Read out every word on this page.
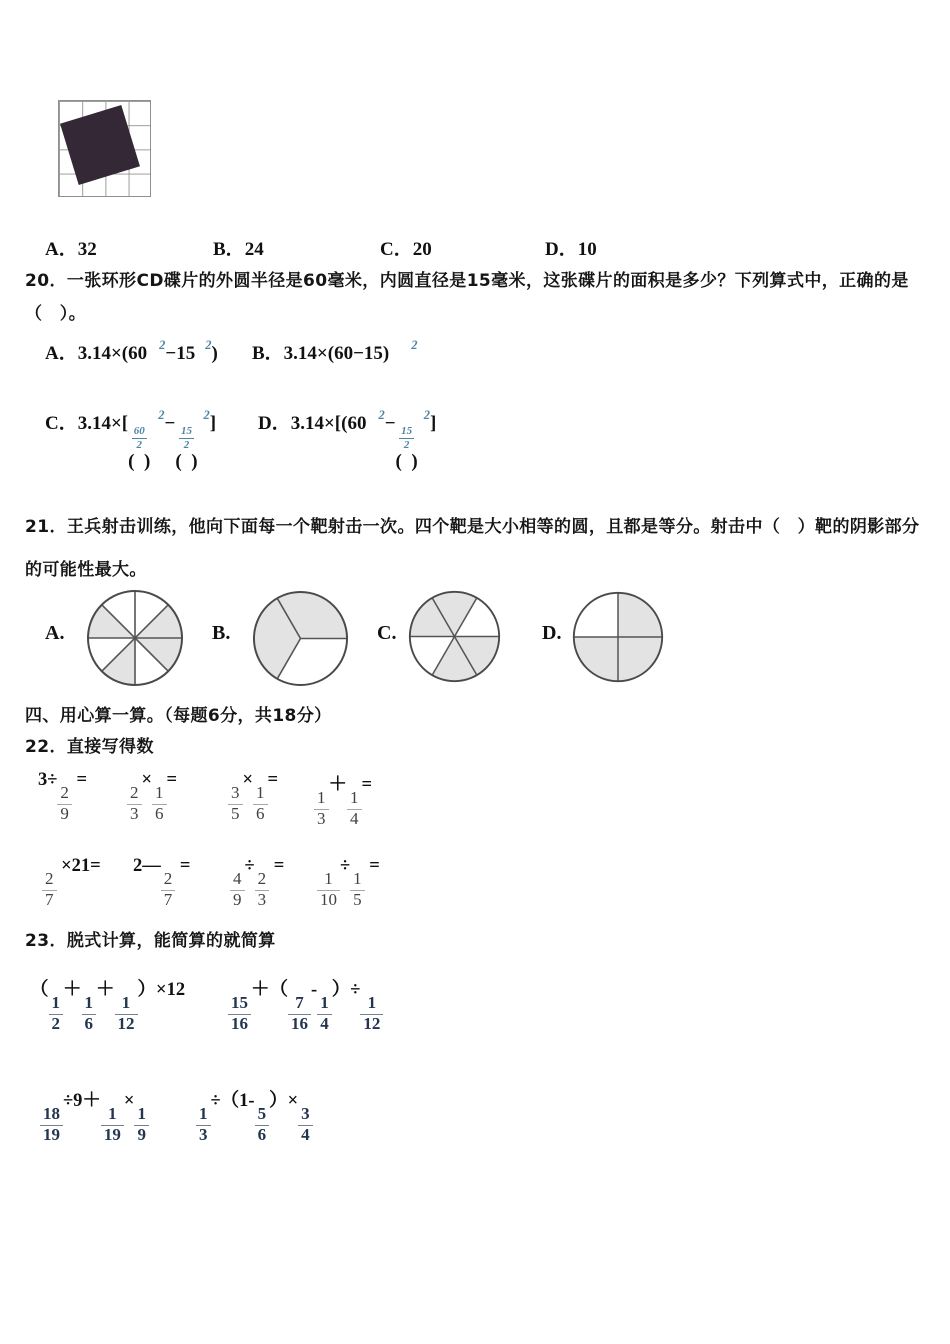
A．32	B．24	C．20	D．10
20．一张环形CD碟片的外圆半径是60毫米，内圆直径是15毫米，这张碟片的面积是多少？下列算式中，正确的是
（　）。
A．3.14×(60 $^2$−15 $^2$) B．3.14×(60−15) $^2$
C．3.14×[
$\frac{60}{2}$
(  )
$^2$−
$\frac{15}{2}$
(  )
$^2$] D．3.14×[(60 $^2$−
$\frac{15}{2}$
(  )
$^2$]
21．王兵射击训练，他向下面每一个靶射击一次。四个靶是大小相等的圆，且都是等分。射击中（　）靶的阴影部分
的可能性最大。
A.	B.	C.	D.
四、用心算一算。（每题6分，共18分）
22．直接写得数
3÷
$\frac{2}{9}$
=
$\frac{2}{3}$
×
$\frac{1}{6}$
=
$\frac{3}{5}$
×
$\frac{1}{6}$
=
$\frac{1}{3}$
＋
$\frac{1}{4}$
=
$\frac{2}{7}$
×21= 2—
$\frac{2}{7}$
=
$\frac{4}{9}$
÷
$\frac{2}{3}$
=
$\frac{1}{10}$
÷
$\frac{1}{5}$
=
23．脱式计算，能简算的就简算
（
$\frac{1}{2}$
＋
$\frac{1}{6}$
＋
$\frac{1}{12}$
）×12
$\frac{15}{16}$
＋（
$\frac{7}{16}$
-
$\frac{1}{4}$
）÷
$\frac{1}{12}$
$\frac{18}{19}$
÷9＋
$\frac{1}{19}$
×
$\frac{1}{9}$	$\frac{1}{3}$
÷（1-
$\frac{5}{6}$
）×
$\frac{3}{4}$
